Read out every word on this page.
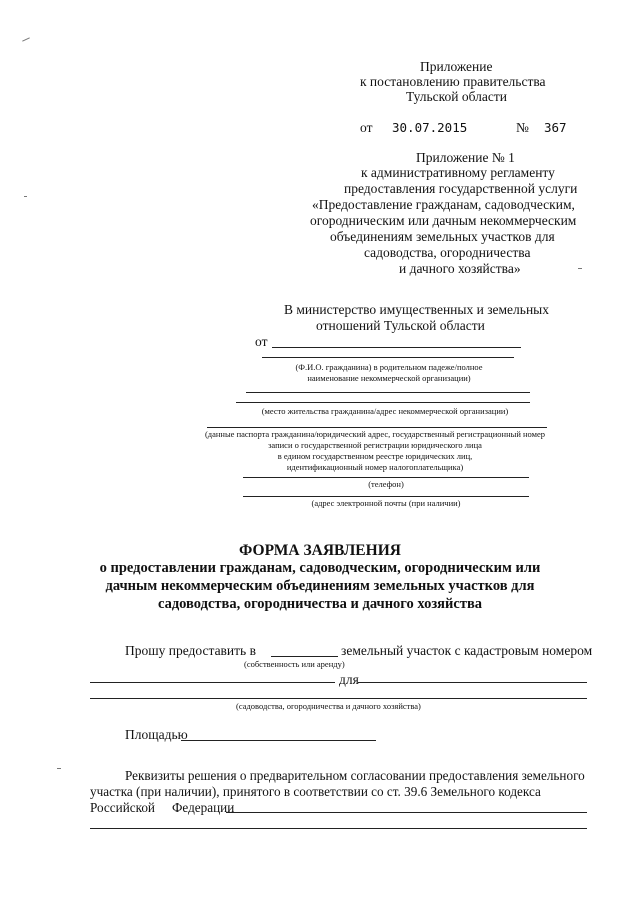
Приложение
к постановлению правительства
Тульской области
от 30.07.2015	№ 367
Приложение № 1
к административному регламенту
предоставления государственной услуги
«Предоставление гражданам, садоводческим,
огородническим или дачным некоммерческим
объединениям земельных участков для
садоводства, огородничества
и дачного хозяйства»
В министерство имущественных и земельных
отношений Тульской области
от
(Ф.И.О. гражданина) в родительном падеже/полное
наименование некоммерческой организации)
(место жительства гражданина/адрес некоммерческой организации)
(данные паспорта гражданина/юридический адрес, государственный регистрационный номер
записи о государственной регистрации юридического лица
в едином государственном реестре юридических лиц,
идентификационный номер налогоплательщика)
(телефон)
(адрес электронной почты (при наличии)
ФОРМА ЗАЯВЛЕНИЯ
о предоставлении гражданам, садоводческим, огородническим или
дачным некоммерческим объединениям земельных участков для
садоводства, огородничества и дачного хозяйства
Прошу предоставить в	земельный участок с кадастровым номером
(собственность или аренду)
для
(садоводства, огородничества и дачного хозяйства)
Площадью
Реквизиты решения о предварительном согласовании предоставления земельного
участка (при наличии), принятого в соответствии со ст. 39.6 Земельного кодекса
Российской Федерации
